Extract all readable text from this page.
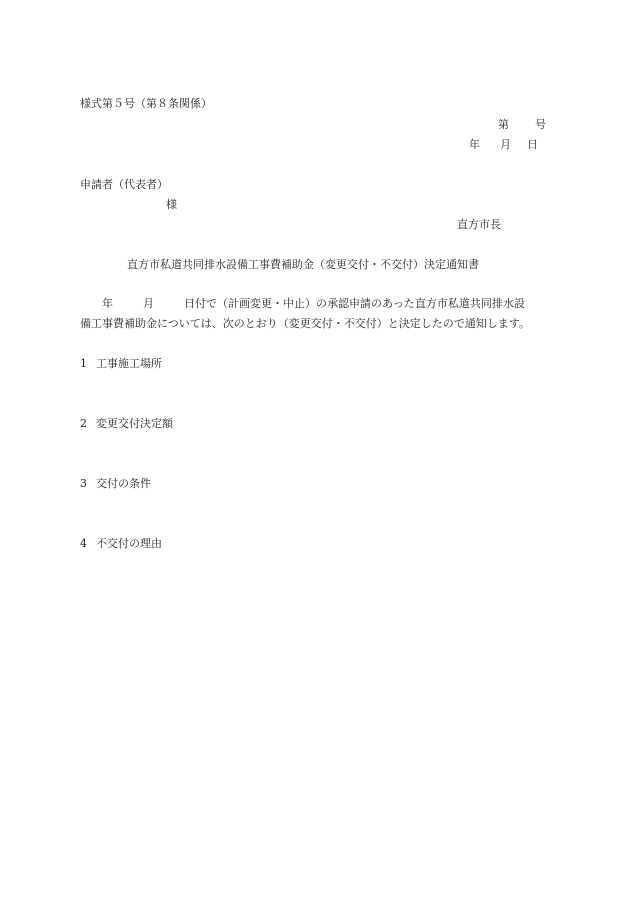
様式第５号（第８条関係）
第 号
年 月 日
申請者（代表者）
様
直方市長
直方市私道共同排水設備工事費補助金（変更交付・不交付）決定通知書
年	月	日付で（計画変更・中止）の承認申請のあった直方市私道共同排水設
備工事費補助金については、次のとおり（変更交付・不交付）と決定したので通知します。
1 工事施工場所
2 変更交付決定額
3 交付の条件
4 不交付の理由
